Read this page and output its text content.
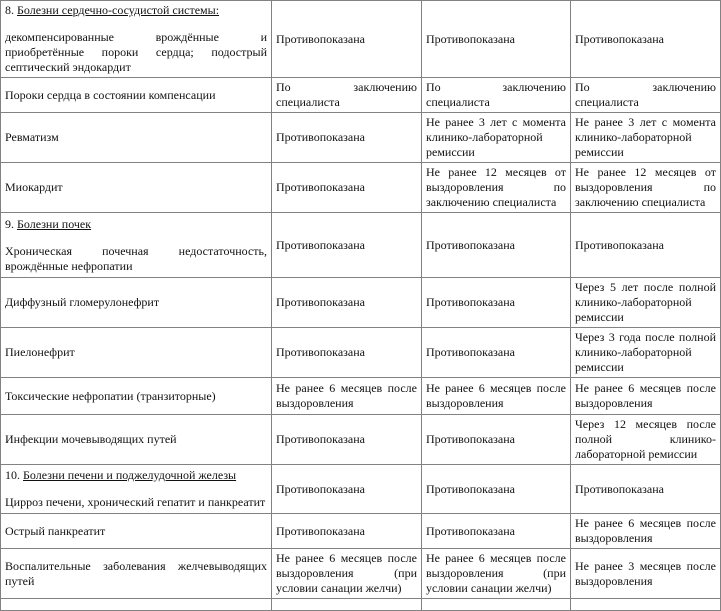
8. Болезни сердечно-сосудистой системы:

декомпенсированные врождённые и приобретённые пороки сердца; подострый септический эндокардит	Противопоказана	Противопоказана	Противопоказана

Пороки сердца в состоянии компенсации	По заключению специалиста	По заключению специалиста	По заключению специалиста

Ревматизм	Противопоказана	Не ранее 3 лет с момента клинико-лабораторной ремиссии	Не ранее 3 лет с момента клинико-лабораторной ремиссии

Миокардит	Противопоказана	Не ранее 12 месяцев от выздоровления по заключению специалиста	Не ранее 12 месяцев от выздоровления по заключению специалиста

9. Болезни почек

Хроническая почечная недостаточность, врождённые нефропатии	Противопоказана	Противопоказана	Противопоказана

Диффузный гломерулонефрит	Противопоказана	Противопоказана	Через 5 лет после полной клинико-лабораторной ремиссии

Пиелонефрит	Противопоказана	Противопоказана	Через 3 года после полной клинико-лабораторной ремиссии

Токсические нефропатии (транзиторные)	Не ранее 6 месяцев после выздоровления	Не ранее 6 месяцев после выздоровления	Не ранее 6 месяцев после выздоровления

Инфекции мочевыводящих путей	Противопоказана	Противопоказана	Через 12 месяцев после полной клинико-лабораторной ремиссии

10. Болезни печени и поджелудочной железы

Цирроз печени, хронический гепатит и панкреатит	Противопоказана	Противопоказана	Противопоказана

Острый панкреатит	Противопоказана	Противопоказана	Не ранее 6 месяцев после выздоровления

Воспалительные заболевания желчевыводящих путей	Не ранее 6 месяцев после выздоровления (при условии санации желчи)	Не ранее 6 месяцев после выздоровления (при условии санации желчи)	Не ранее 3 месяцев после выздоровления
